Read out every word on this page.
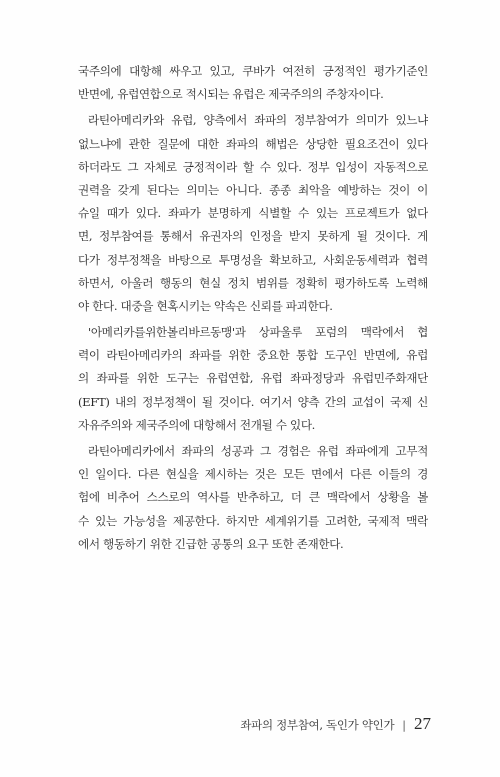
국주의에 대항해 싸우고 있고, 쿠바가 여전히 긍정적인 평가기준인
반면에, 유럽연합으로 적시되는 유럽은 제국주의의 주창자이다.
라틴아메리카와 유럽, 양측에서 좌파의 정부참여가 의미가 있느냐
없느냐에 관한 질문에 대한 좌파의 해법은 상당한 필요조건이 있다
하더라도 그 자체로 긍정적이라 할 수 있다. 정부 입성이 자동적으로
권력을 갖게 된다는 의미는 아니다. 종종 최악을 예방하는 것이 이
슈일 때가 있다. 좌파가 분명하게 식별할 수 있는 프로젝트가 없다
면, 정부참여를 통해서 유권자의 인정을 받지 못하게 될 것이다. 게
다가 정부정책을 바탕으로 투명성을 확보하고, 사회운동세력과 협력
하면서, 아울러 행동의 현실 정치 범위를 정확히 평가하도록 노력해
야 한다. 대중을 현혹시키는 약속은 신뢰를 파괴한다.
'아메리카를위한볼리바르동맹'과 상파울루 포럼의 맥락에서 협
력이 라틴아메리카의 좌파를 위한 중요한 통합 도구인 반면에, 유럽
의 좌파를 위한 도구는 유럽연합, 유럽 좌파정당과 유럽민주화재단
(EFT) 내의 정부정책이 될 것이다. 여기서 양측 간의 교섭이 국제 신
자유주의와 제국주의에 대항해서 전개될 수 있다.
라틴아메리카에서 좌파의 성공과 그 경험은 유럽 좌파에게 고무적
인 일이다. 다른 현실을 제시하는 것은 모든 면에서 다른 이들의 경
험에 비추어 스스로의 역사를 반추하고, 더 큰 맥락에서 상황을 볼
수 있는 가능성을 제공한다. 하지만 세계위기를 고려한, 국제적 맥락
에서 행동하기 위한 긴급한 공통의 요구 또한 존재한다.
좌파의 정부참여, 독인가 약인가 | 27
